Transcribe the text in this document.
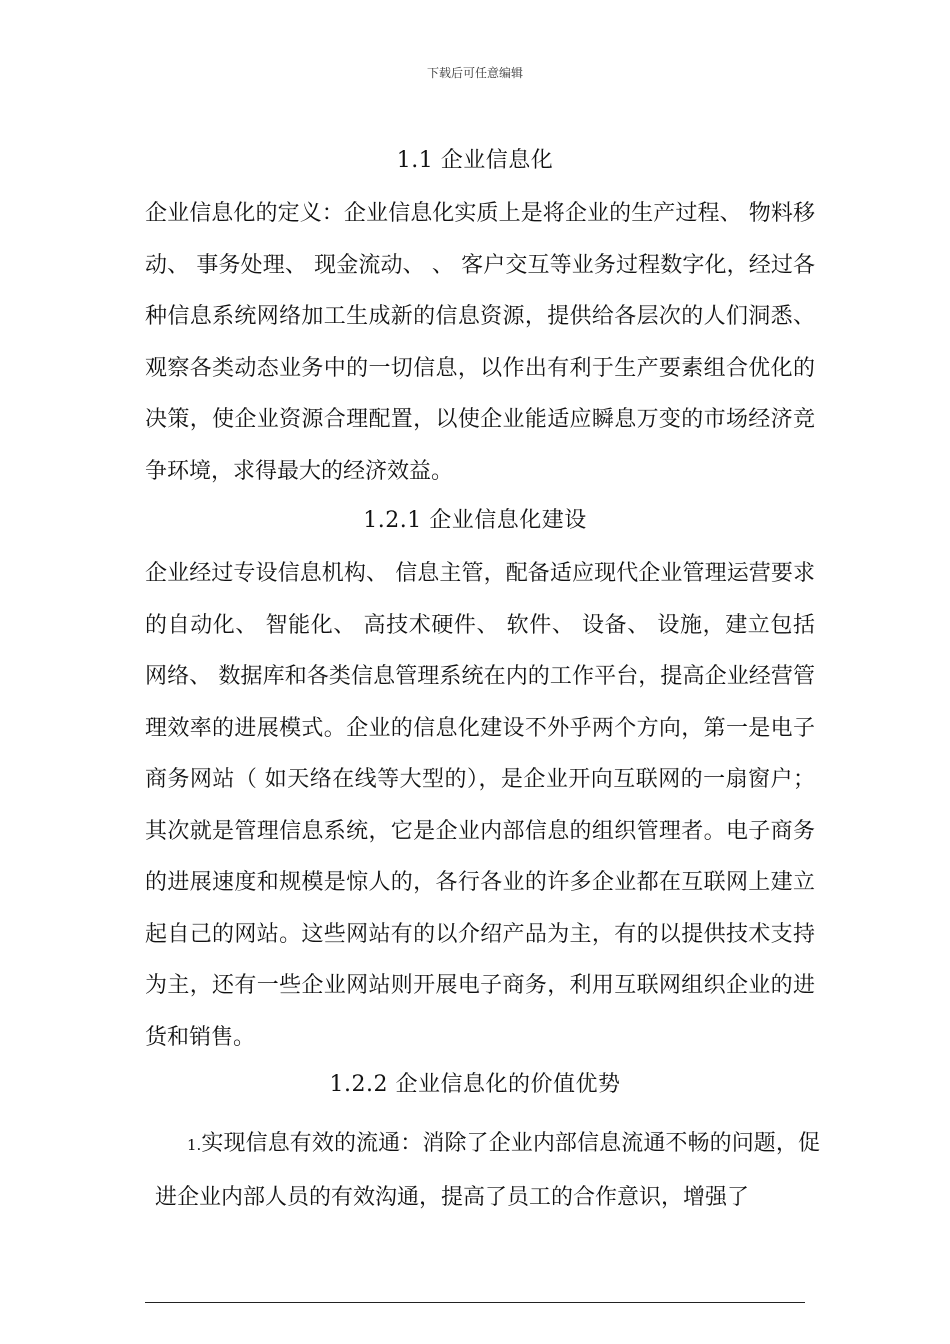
下载后可任意编辑
1.1 企业信息化

企业信息化的定义：企业信息化实质上是将企业的生产过程、 物料移动、 事务处理、 现金流动、 、 客户交互等业务过程数字化，经过各种信息系统网络加工生成新的信息资源，提供给各层次的人们洞悉、 观察各类动态业务中的一切信息，以作出有利于生产要素组合优化的决策，使企业资源合理配置，以使企业能适应瞬息万变的市场经济竞争环境，求得最大的经济效益。

1.2.1 企业信息化建设

企业经过专设信息机构、 信息主管，配备适应现代企业管理运营要求的自动化、 智能化、 高技术硬件、 软件、 设备、 设施，建立包括网络、 数据库和各类信息管理系统在内的工作平台，提高企业经营管理效率的进展模式。企业的信息化建设不外乎两个方向，第一是电子商务网站（ 如天络在线等大型的），是企业开向互联网的一扇窗户；其次就是管理信息系统，它是企业内部信息的组织管理者。电子商务的进展速度和规模是惊人的，各行各业的许多企业都在互联网上建立起自己的网站。这些网站有的以介绍产品为主，有的以提供技术支持为主，还有一些企业网站则开展电子商务，利用互联网组织企业的进货和销售。

1.2.2 企业信息化的价值优势

1.实现信息有效的流通：消除了企业内部信息流通不畅的问题，促进企业内部人员的有效沟通，提高了员工的合作意识，增强了
